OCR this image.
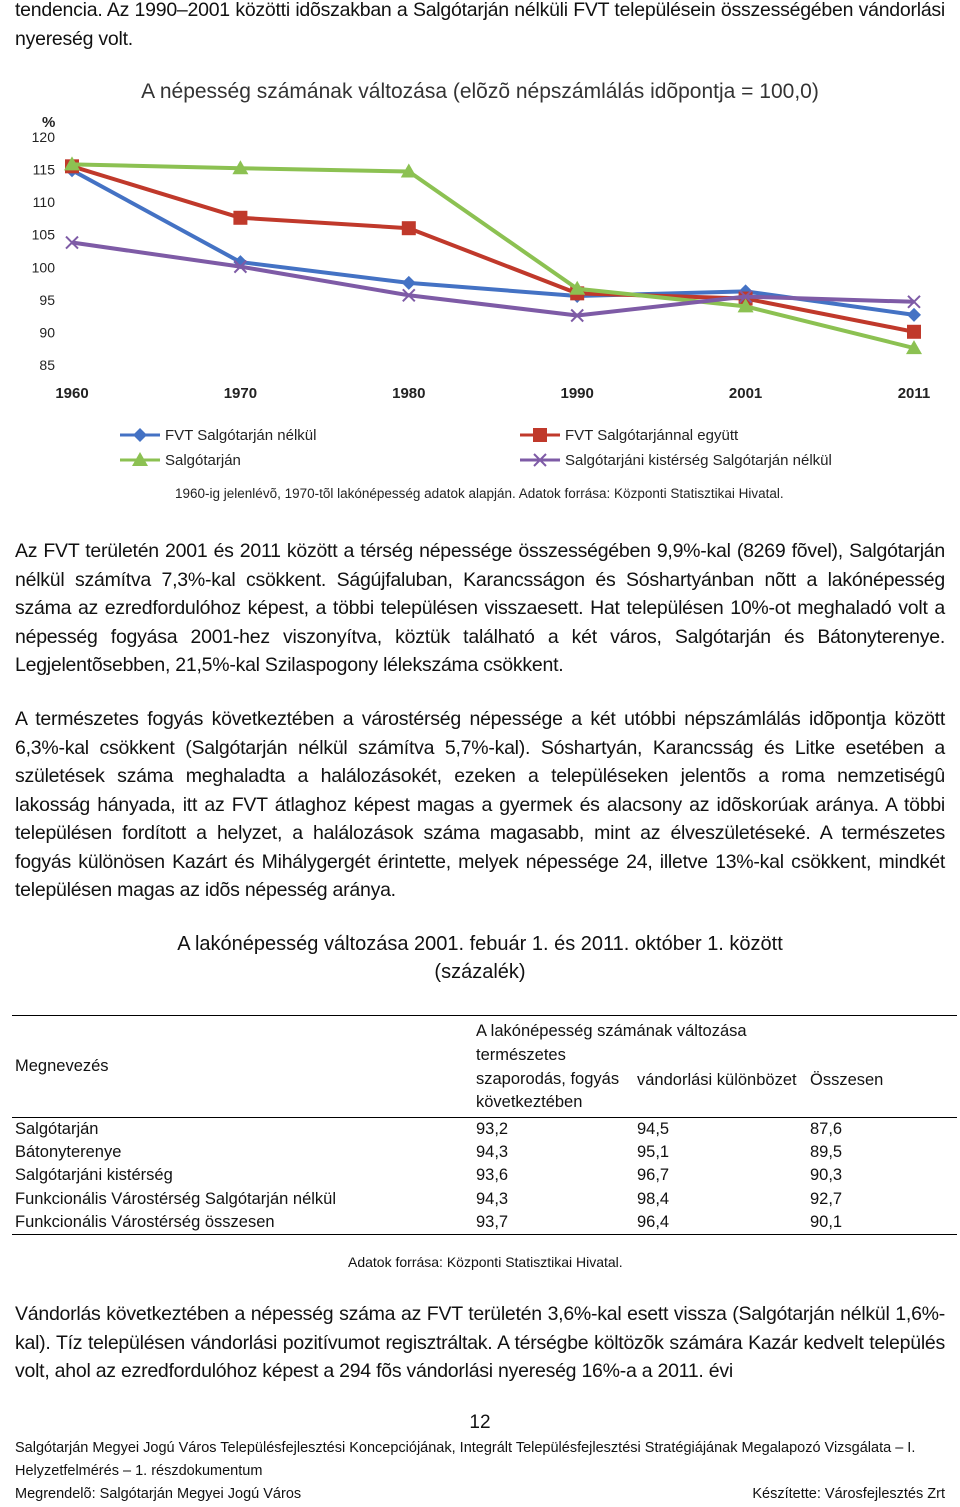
tendencia. Az 1990–2001 közötti idõszakban a Salgótarján nélküli FVT településein összességében vándorlási nyereség volt.
A népesség számának változása (elõzõ népszámlálás idõpontja = 100,0)
85
90
95
100
105
110
115
120
%
1960	1970	1980	1990	2001	2011
FVT Salgótarján nélkül	FVT Salgótarjánnal együtt
Salgótarján	Salgótarjáni kistérség Salgótarján nélkül
1960-ig jelenlévõ, 1970-tõl lakónépesség adatok alapján. Adatok forrása: Központi Statisztikai Hivatal.
Az FVT területén 2001 és 2011 között a térség népessége összességében 9,9%-kal (8269 fõvel), Salgótarján nélkül számítva 7,3%-kal csökkent. Ságújfaluban, Karancsságon és Sóshartyánban nõtt a lakónépesség száma az ezredfordulóhoz képest, a többi településen visszaesett. Hat településen 10%-ot meghaladó volt a népesség fogyása 2001-hez viszonyítva, köztük található a két város, Salgótarján és Bátonyterenye. Legjelentõsebben, 21,5%-kal Szilaspogony lélekszáma csökkent.
A természetes fogyás következtében a várostérség népessége a két utóbbi népszámlálás idõpontja között 6,3%-kal csökkent (Salgótarján nélkül számítva 5,7%-kal). Sóshartyán, Karancsság és Litke esetében a születések száma meghaladta a halálozásokét, ezeken a településeken jelentõs a roma nemzetiségû lakosság hányada, itt az FVT átlaghoz képest magas a gyermek és alacsony az idõskorúak aránya. A többi településen fordított a helyzet, a halálozások száma magasabb, mint az élveszületéseké. A természetes fogyás különösen Kazárt és Mihálygergét érintette, melyek népessége 24, illetve 13%-kal csökkent, mindkét településen magas az idõs népesség aránya.
A lakónépesség változása 2001. febuár 1. és 2011. október 1. között
(százalék)
Megnevezés	A lakónépesség számának változása		
	természetes szaporodás, fogyás következtében	vándorlási különbözet	Összesen
Salgótarján	93,2	94,5	87,6
Bátonyterenye	94,3	95,1	89,5
Salgótarjáni kistérség	93,6	96,7	90,3
Funkcionális Várostérség Salgótarján nélkül	94,3	98,4	92,7
Funkcionális Várostérség összesen	93,7	96,4	90,1
Adatok forrása: Központi Statisztikai Hivatal.
Vándorlás következtében a népesség száma az FVT területén 3,6%-kal esett vissza (Salgótarján nélkül 1,6%-kal). Tíz településen vándorlási pozitívumot regisztráltak. A térségbe költözõk számára Kazár kedvelt település volt, ahol az ezredfordulóhoz képest a 294 fõs vándorlási nyereség 16%-a a 2011. évi
12
Salgótarján Megyei Jogú Város Településfejlesztési Koncepciójának, Integrált Településfejlesztési Stratégiájának Megalapozó Vizsgálata – I. Helyzetfelmérés – 1. részdokumentum
Megrendelõ: Salgótarján Megyei Jogú Város	Készítette: Városfejlesztés Zrt
